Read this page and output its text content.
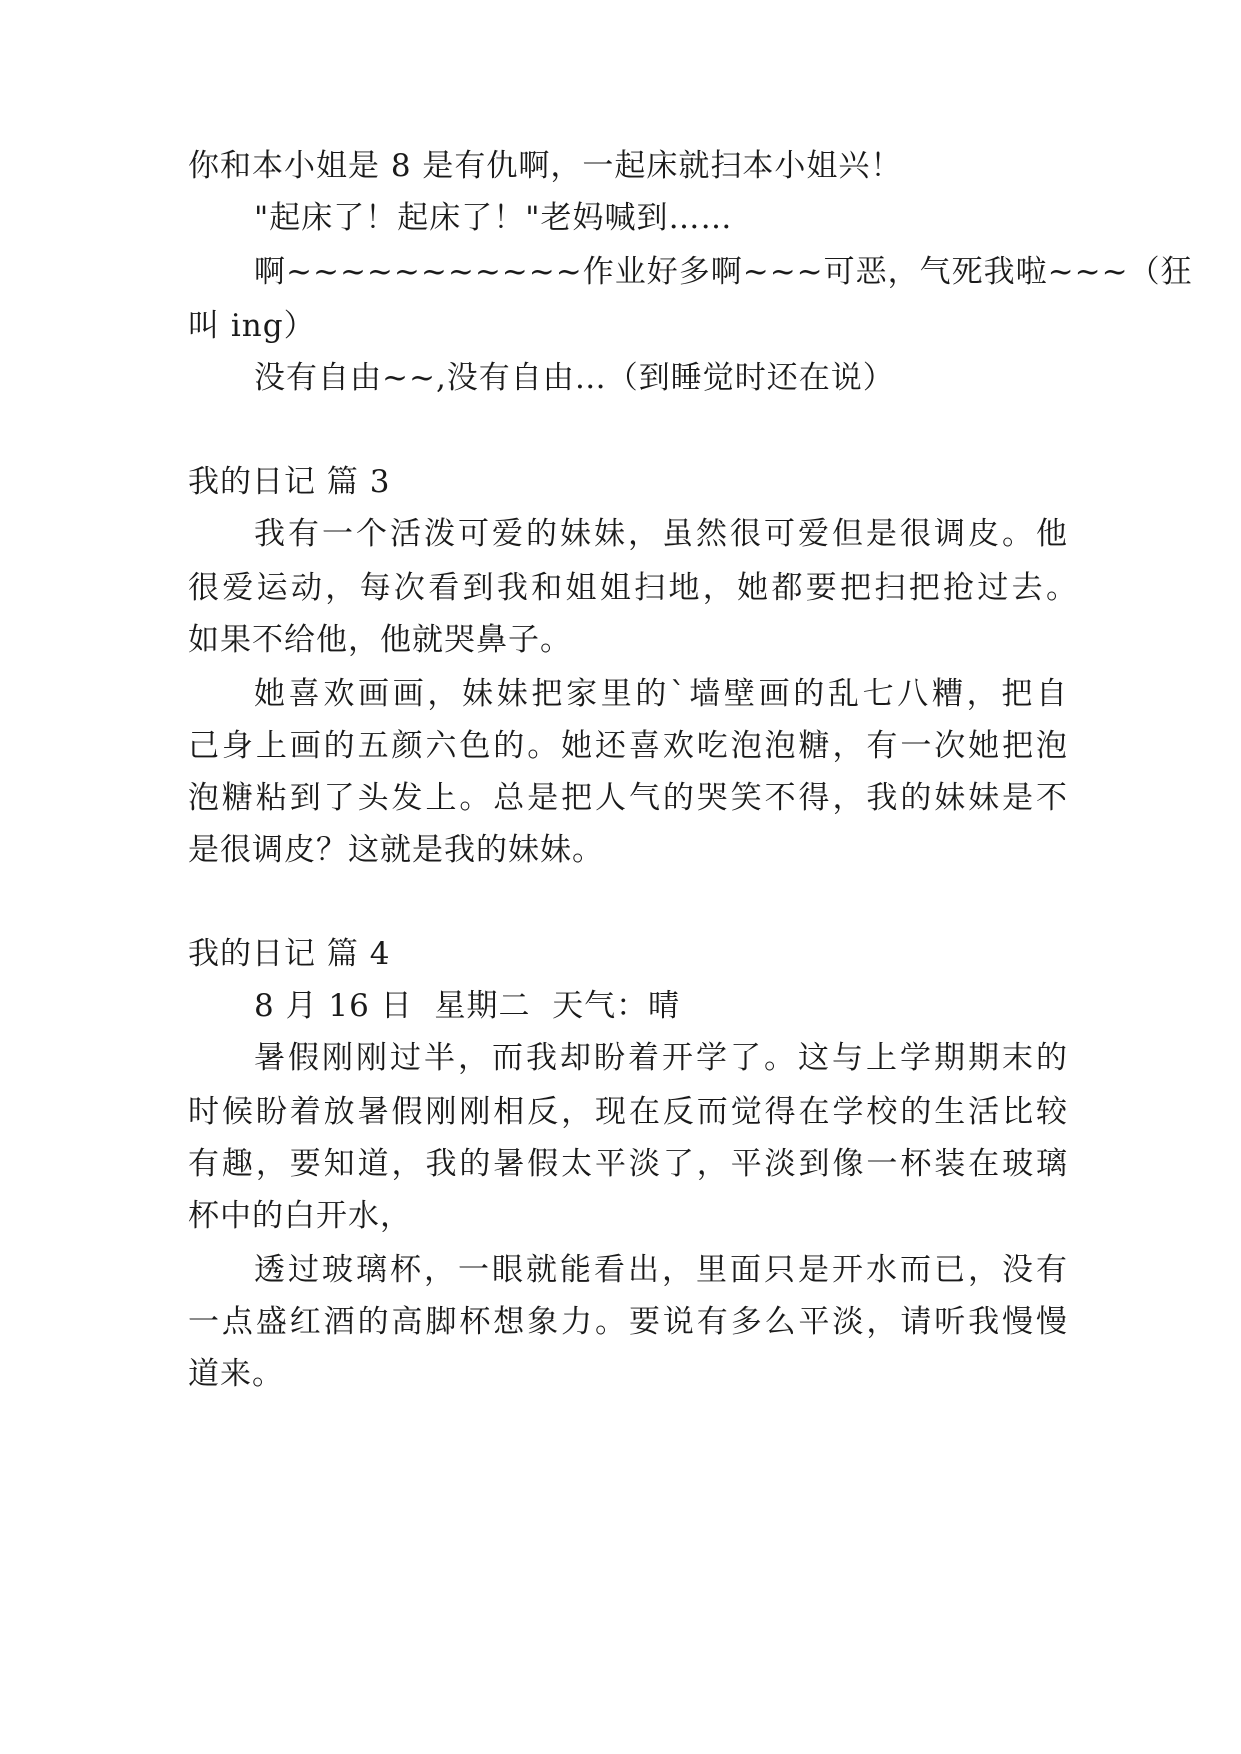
你和本小姐是 8 是有仇啊，一起床就扫本小姐兴！
"起床了！起床了！"老妈喊到……
啊~~~~~~~~~~~作业好多啊~~~可恶，气死我啦~~~（狂
叫 ing）
没有自由~~,没有自由…（到睡觉时还在说）
我的日记 篇 3
我有一个活泼可爱的妹妹，虽然很可爱但是很调皮。他
很爱运动，每次看到我和姐姐扫地，她都要把扫把抢过去。
如果不给他，他就哭鼻子。
她喜欢画画，妹妹把家里的`墙壁画的乱七八糟，把自
己身上画的五颜六色的。她还喜欢吃泡泡糖，有一次她把泡
泡糖粘到了头发上。总是把人气的哭笑不得，我的妹妹是不
是很调皮？这就是我的妹妹。
我的日记 篇 4
8 月 16 日  星期二  天气：晴
暑假刚刚过半，而我却盼着开学了。这与上学期期末的
时候盼着放暑假刚刚相反，现在反而觉得在学校的生活比较
有趣，要知道，我的暑假太平淡了，平淡到像一杯装在玻璃
杯中的白开水，
透过玻璃杯，一眼就能看出，里面只是开水而已，没有
一点盛红酒的高脚杯想象力。要说有多么平淡，请听我慢慢
道来。
